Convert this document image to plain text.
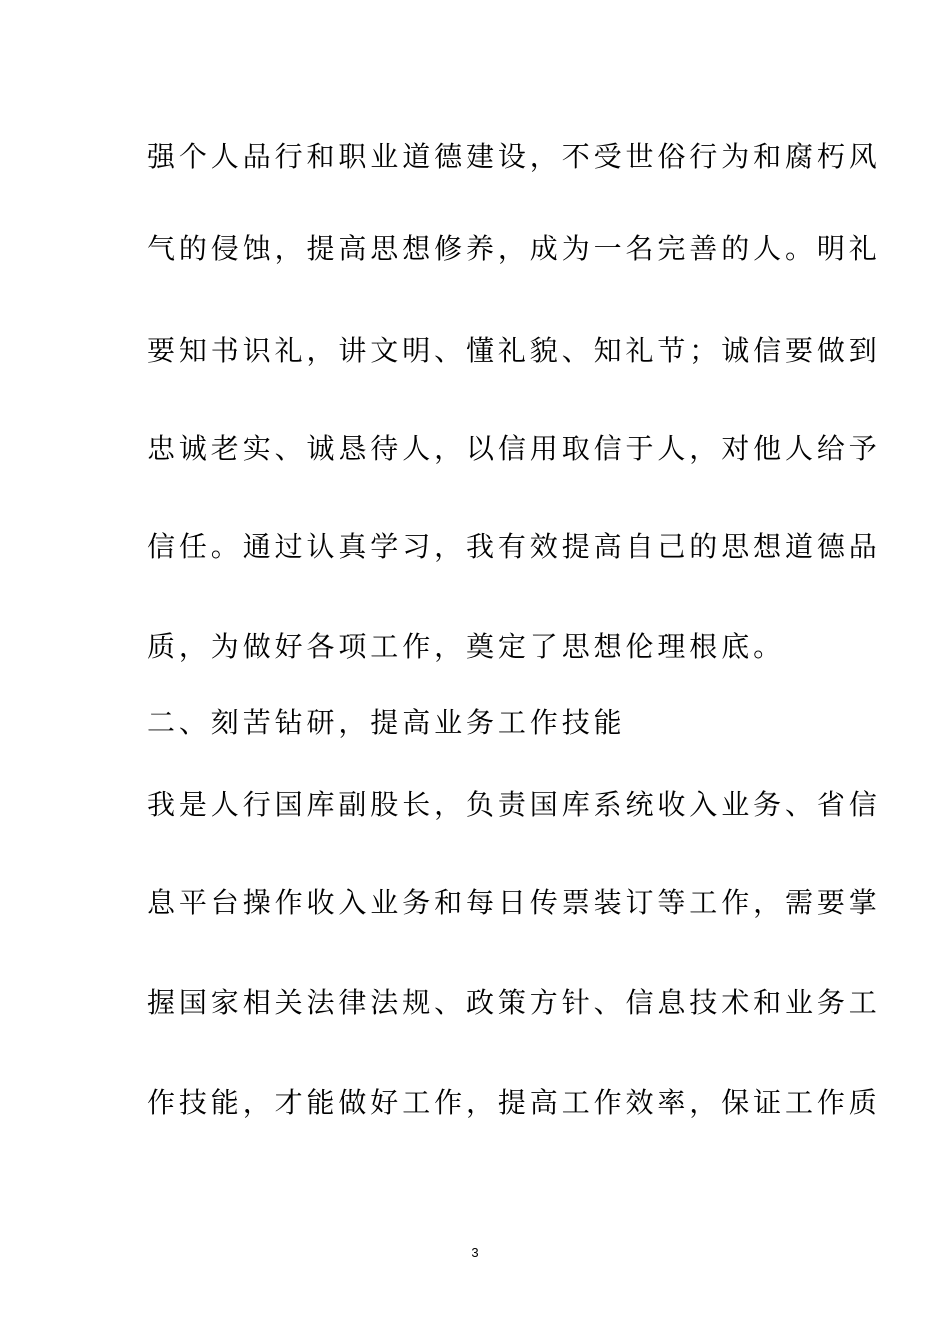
强个人品行和职业道德建设，不受世俗行为和腐朽风
气的侵蚀，提高思想修养，成为一名完善的人。明礼
要知书识礼，讲文明、懂礼貌、知礼节；诚信要做到
忠诚老实、诚恳待人，以信用取信于人，对他人给予
信任。通过认真学习，我有效提高自己的思想道德品
质，为做好各项工作，奠定了思想伦理根底。
二、刻苦钻研，提高业务工作技能
我是人行国库副股长，负责国库系统收入业务、省信
息平台操作收入业务和每日传票装订等工作，需要掌
握国家相关法律法规、政策方针、信息技术和业务工
作技能，才能做好工作，提高工作效率，保证工作质
3
